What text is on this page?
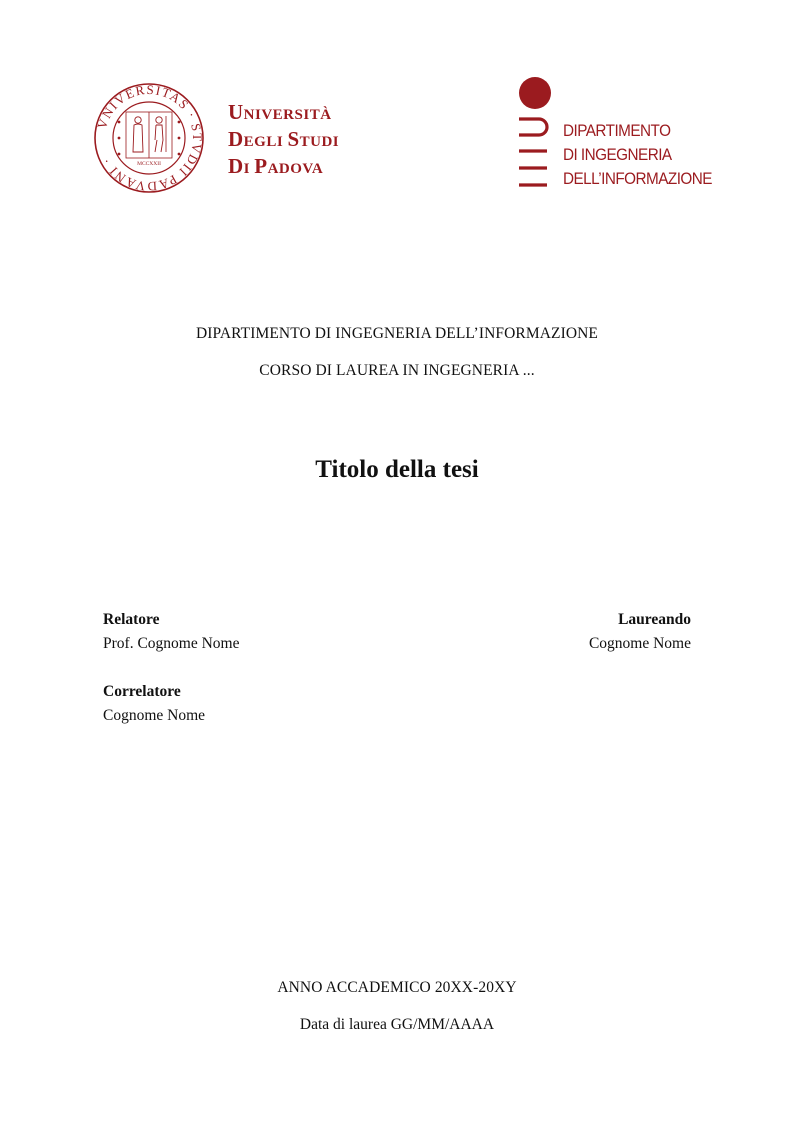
VNIVERSITAS · STVDII PADVANI ·	MCCXXII
UNIVERSITÀ
DEGLI STUDI
DI PADOVA
DIPARTIMENTO
DI INGEGNERIA
DELL’INFORMAZIONE
DIPARTIMENTO DI INGEGNERIA DELL’INFORMAZIONE
CORSO DI LAUREA IN INGEGNERIA ...
Titolo della tesi
Relatore
Prof. Cognome Nome
Correlatore
Cognome Nome
Laureando
Cognome Nome
ANNO ACCADEMICO 20XX-20XY
Data di laurea GG/MM/AAAA
